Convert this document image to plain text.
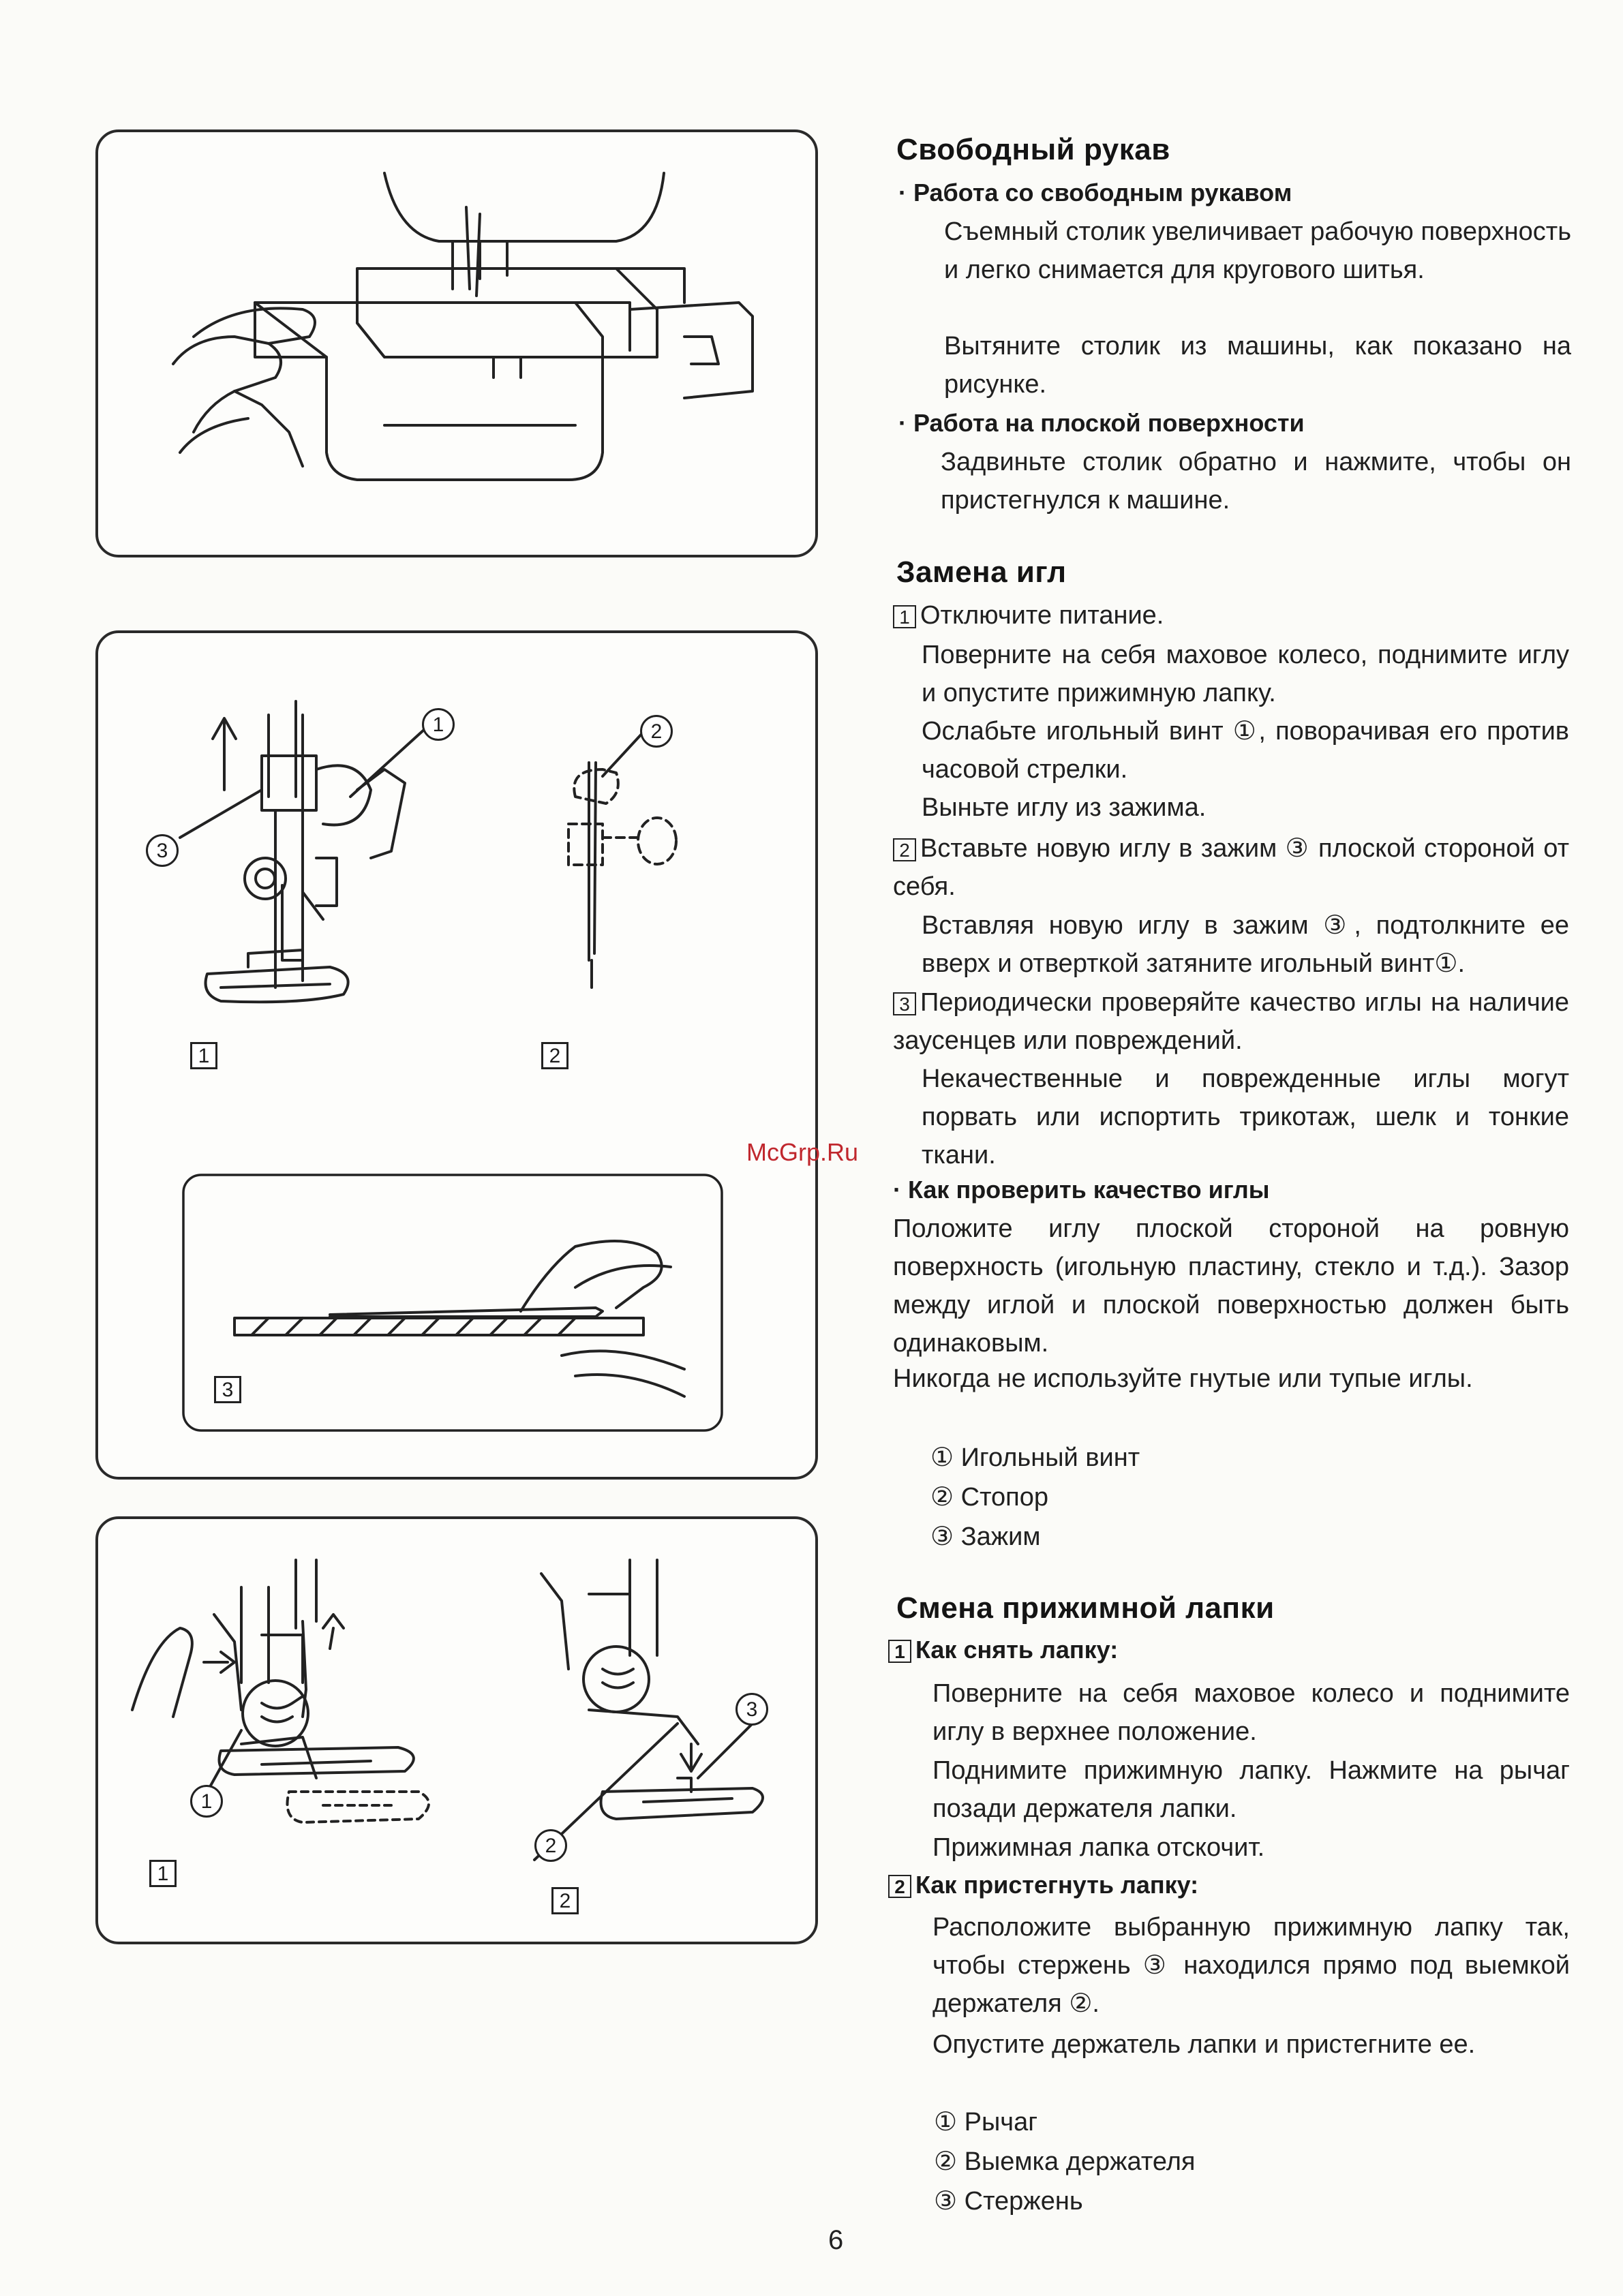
1	2
3
1	2
3
1
2
3
1
2
Свободный рукав
· Работа со свободным рукавом
Съемный столик увеличивает рабочую поверхность и легко снимается для кругового шитья.
Вытяните столик из машины, как показано на рисунке.
· Работа на плоской поверхности
Задвиньте столик обратно и нажмите, чтобы он пристегнулся к машине.
Замена игл
1 Отключите питание.
Поверните на себя маховое колесо, поднимите иглу и опустите прижимную лапку.
Ослабьте игольный винт ①, поворачивая его против часовой стрелки.
Выньте иглу из зажима.
2 Вставьте новую иглу в зажим ③ плоской стороной от себя.
Вставляя новую иглу в зажим ③, подтолкните ее вверх и отверткой затяните игольный винт①.
3 Периодически проверяйте качество иглы на наличие заусенцев или повреждений.
Некачественные и поврежденные иглы могут порвать или испортить трикотаж, шелк и тонкие ткани.
· Как проверить качество иглы
Положите иглу плоской стороной на ровную поверхность (игольную пластину, стекло и т.д.). Зазор между иглой и плоской поверхностью должен быть одинаковым.
Никогда не используйте гнутые или тупые иглы.
① Игольный винт
② Стопор
③ Зажим
Смена прижимной лапки
1 Как снять лапку:
Поверните на себя маховое колесо и поднимите иглу в верхнее положение.
Поднимите прижимную лапку. Нажмите на рычаг позади держателя лапки.
Прижимная лапка отскочит.
2 Как пристегнуть лапку:
Расположите выбранную прижимную лапку так, чтобы стержень ③ находился прямо под выемкой держателя ②.
Опустите держатель лапки и пристегните ее.
① Рычаг
② Выемка держателя
③ Стержень
McGrp.Ru
6
